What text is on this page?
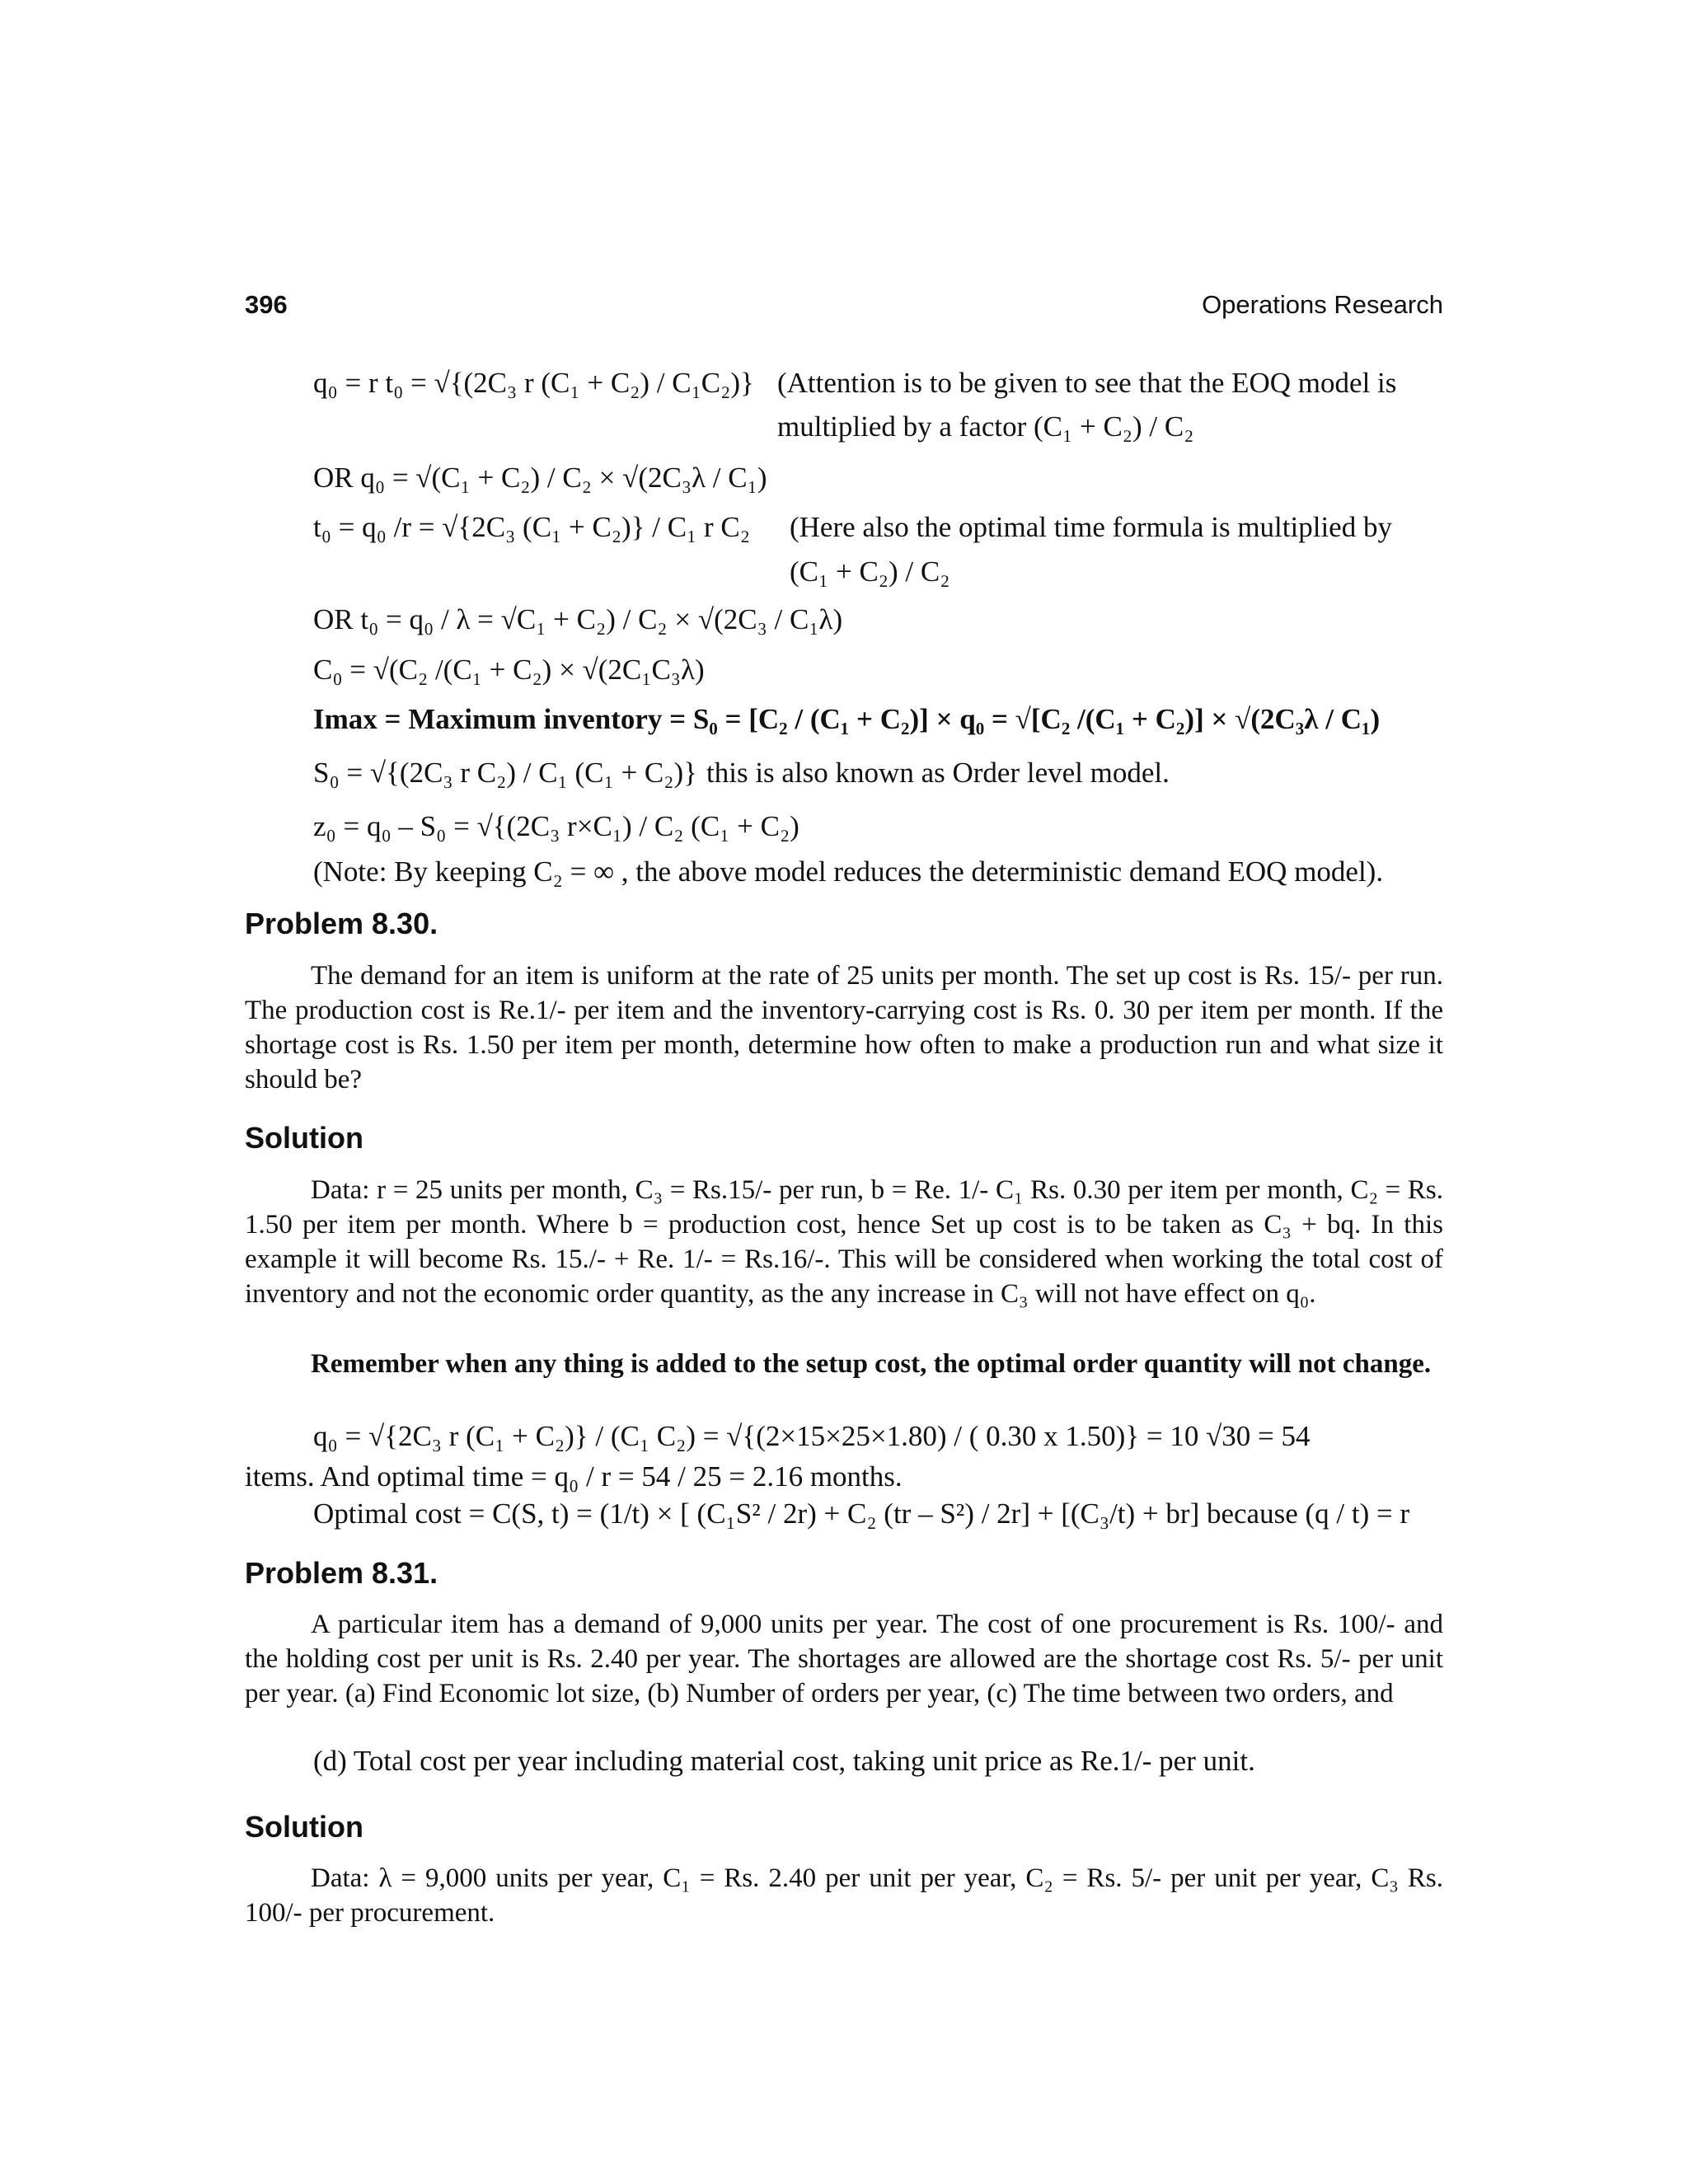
396	Operations Research
q₀ = r t₀ = √{(2C₃ r (C₁ + C₂) / C₁C₂)} (Attention is to be given to see that the EOQ model is
multiplied by a factor (C₁ + C₂) / C₂
OR q₀ = √(C₁ + C₂) / C₂ × √(2C₃λ / C₁)
t₀ = q₀ /r = √{2C₃ (C₁ + C₂)} / C₁ r C₂ (Here also the optimal time formula is multiplied by
(C₁ + C₂) / C₂
OR t₀ = q₀ / λ = √C₁ + C₂) / C₂ × √(2C₃ / C₁λ)
C₀ = √(C₂ /(C₁ + C₂) × √(2C₁C₃λ)
Imax = Maximum inventory = S₀ = [C₂ / (C₁ + C₂)] × q₀ = √[C₂ /(C₁ + C₂)] × √(2C₃λ / C₁)
S₀ = √{(2C₃ r C₂) / C₁ (C₁ + C₂)} this is also known as Order level model.
z₀ = q₀ – S₀ = √{(2C₃ r×C₁) / C₂ (C₁ + C₂)
(Note: By keeping C₂ = ∞ , the above model reduces the deterministic demand EOQ model).
Problem 8.30.
The demand for an item is uniform at the rate of 25 units per month. The set up cost is Rs. 15/- per run. The production cost is Re.1/- per item and the inventory-carrying cost is Rs. 0. 30 per item per month. If the shortage cost is Rs. 1.50 per item per month, determine how often to make a production run and what size it should be?
Solution
Data: r = 25 units per month, C₃ = Rs.15/- per run, b = Re. 1/- C₁ Rs. 0.30 per item per month, C₂ = Rs. 1.50 per item per month. Where b = production cost, hence Set up cost is to be taken as C₃ + bq. In this example it will become Rs. 15./- + Re. 1/- = Rs.16/-. This will be considered when working the total cost of inventory and not the economic order quantity, as the any increase in C₃ will not have effect on q₀.
Remember when any thing is added to the setup cost, the optimal order quantity will not change.
q₀ = √{2C₃ r (C₁ + C₂)} / (C₁ C₂) = √{(2×15×25×1.80) / ( 0.30 x 1.50)} = 10 √30 = 54
items. And optimal time = q₀ / r = 54 / 25 = 2.16 months.
Optimal cost = C(S, t) = (1/t) × [ (C₁S² / 2r) + C₂ (tr – S²) / 2r] + [(C₃/t) + br] because (q / t) = r
Problem 8.31.
A particular item has a demand of 9,000 units per year. The cost of one procurement is Rs. 100/- and the holding cost per unit is Rs. 2.40 per year. The shortages are allowed are the shortage cost Rs. 5/- per unit per year. (a) Find Economic lot size, (b) Number of orders per year, (c) The time between two orders, and
(d) Total cost per year including material cost, taking unit price as Re.1/- per unit.
Solution
Data: λ = 9,000 units per year, C₁ = Rs. 2.40 per unit per year, C₂ = Rs. 5/- per unit per year, C₃ Rs. 100/- per procurement.
